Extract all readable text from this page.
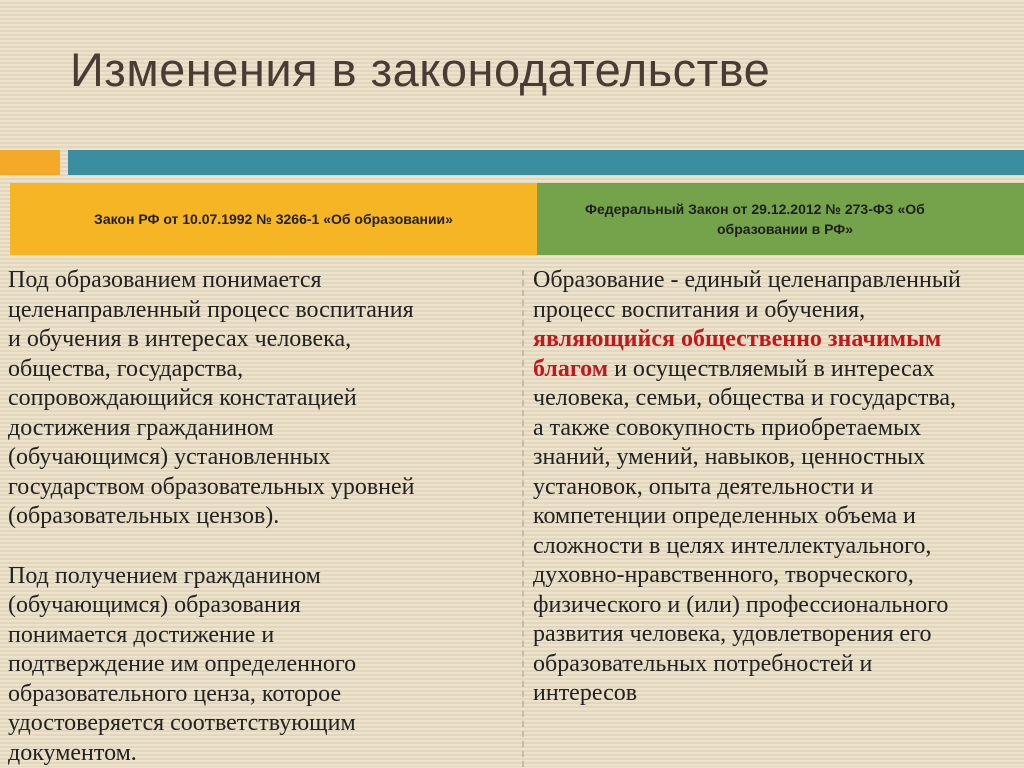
Изменения в законодательстве
Закон РФ от 10.07.1992 № 3266-1 «Об образовании»
Федеральный Закон от 29.12.2012 № 273-ФЗ «Об
образовании в РФ»
Под образованием понимается
целенаправленный процесс воспитания
и обучения в интересах человека,
общества, государства,
сопровождающийся констатацией
достижения гражданином
(обучающимся) установленных
государством образовательных уровней
(образовательных цензов).
Под получением гражданином
(обучающимся) образования
понимается достижение и
подтверждение им определенного
образовательного ценза, которое
удостоверяется соответствующим
документом.
Образование - единый целенаправленный
процесс воспитания и обучения,
являющийся общественно значимым
благом и осуществляемый в интересах
человека, семьи, общества и государства,
а также совокупность приобретаемых
знаний, умений, навыков, ценностных
установок, опыта деятельности и
компетенции определенных объема и
сложности в целях интеллектуального,
духовно-нравственного, творческого,
физического и (или) профессионального
развития человека, удовлетворения его
образовательных потребностей и
интересов
